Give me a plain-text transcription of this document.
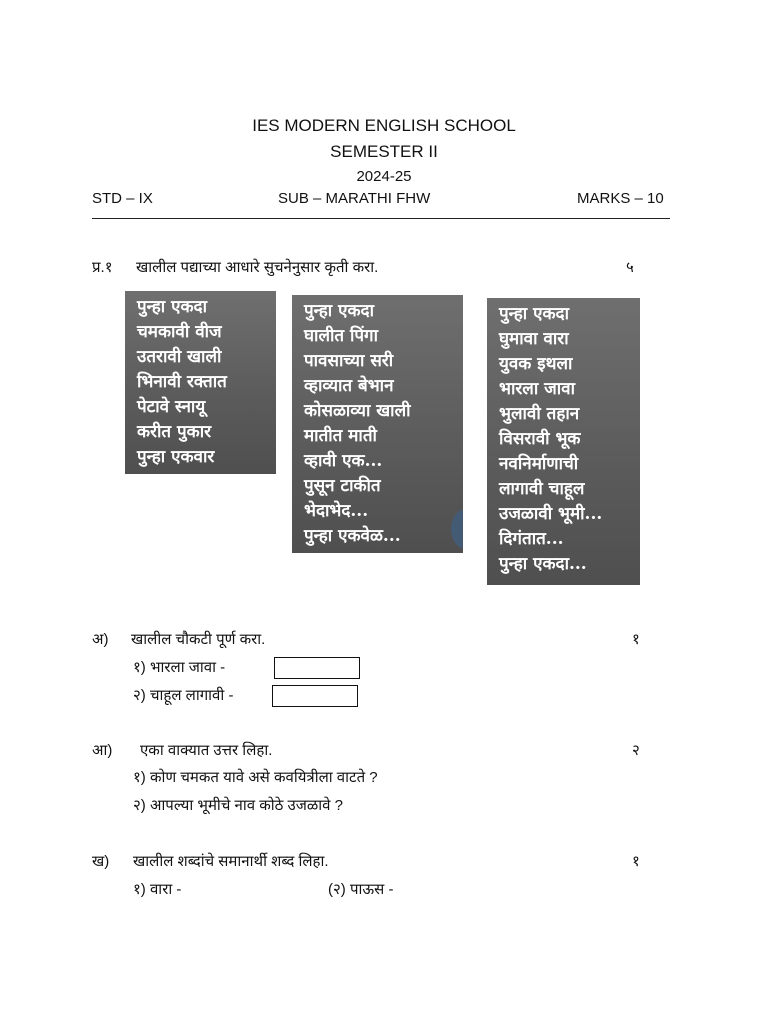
IES MODERN ENGLISH SCHOOL
SEMESTER II
2024-25
STD – IX	SUB – MARATHI FHW	MARKS – 10
प्र.१ खालील पद्याच्या आधारे सुचनेनुसार कृती करा.	५
पुन्हा एकदा
चमकावी वीज
उतरावी खाली
भिनावी रक्तात
पेटावे स्नायू
करीत पुकार
पुन्हा एकवार
पुन्हा एकदा
घालीत पिंगा
पावसाच्या सरी
व्हाव्यात बेभान
कोसळाव्या खाली
मातीत माती
व्हावी एक...
पुसून टाकीत
भेदाभेद...
पुन्हा एकवेळ...
पुन्हा एकदा
घुमावा वारा
युवक इथला
भारला जावा
भुलावी तहान
विसरावी भूक
नवनिर्माणाची
लागावी चाहूल
उजळावी भूमी...
दिगंतात...
पुन्हा एकदा...
अ) खालील चौकटी पूर्ण करा.	१
१) भारला जावा -
२) चाहूल लागावी -
आ) एका वाक्यात उत्तर लिहा.	२
१) कोण चमकत यावे असे कवयित्रीला वाटते ?
२) आपल्या भूमीचे नाव कोठे उजळावे ?
ख) खालील शब्दांचे समानार्थी शब्द लिहा.	१
१) वारा -	(२) पाऊस -
